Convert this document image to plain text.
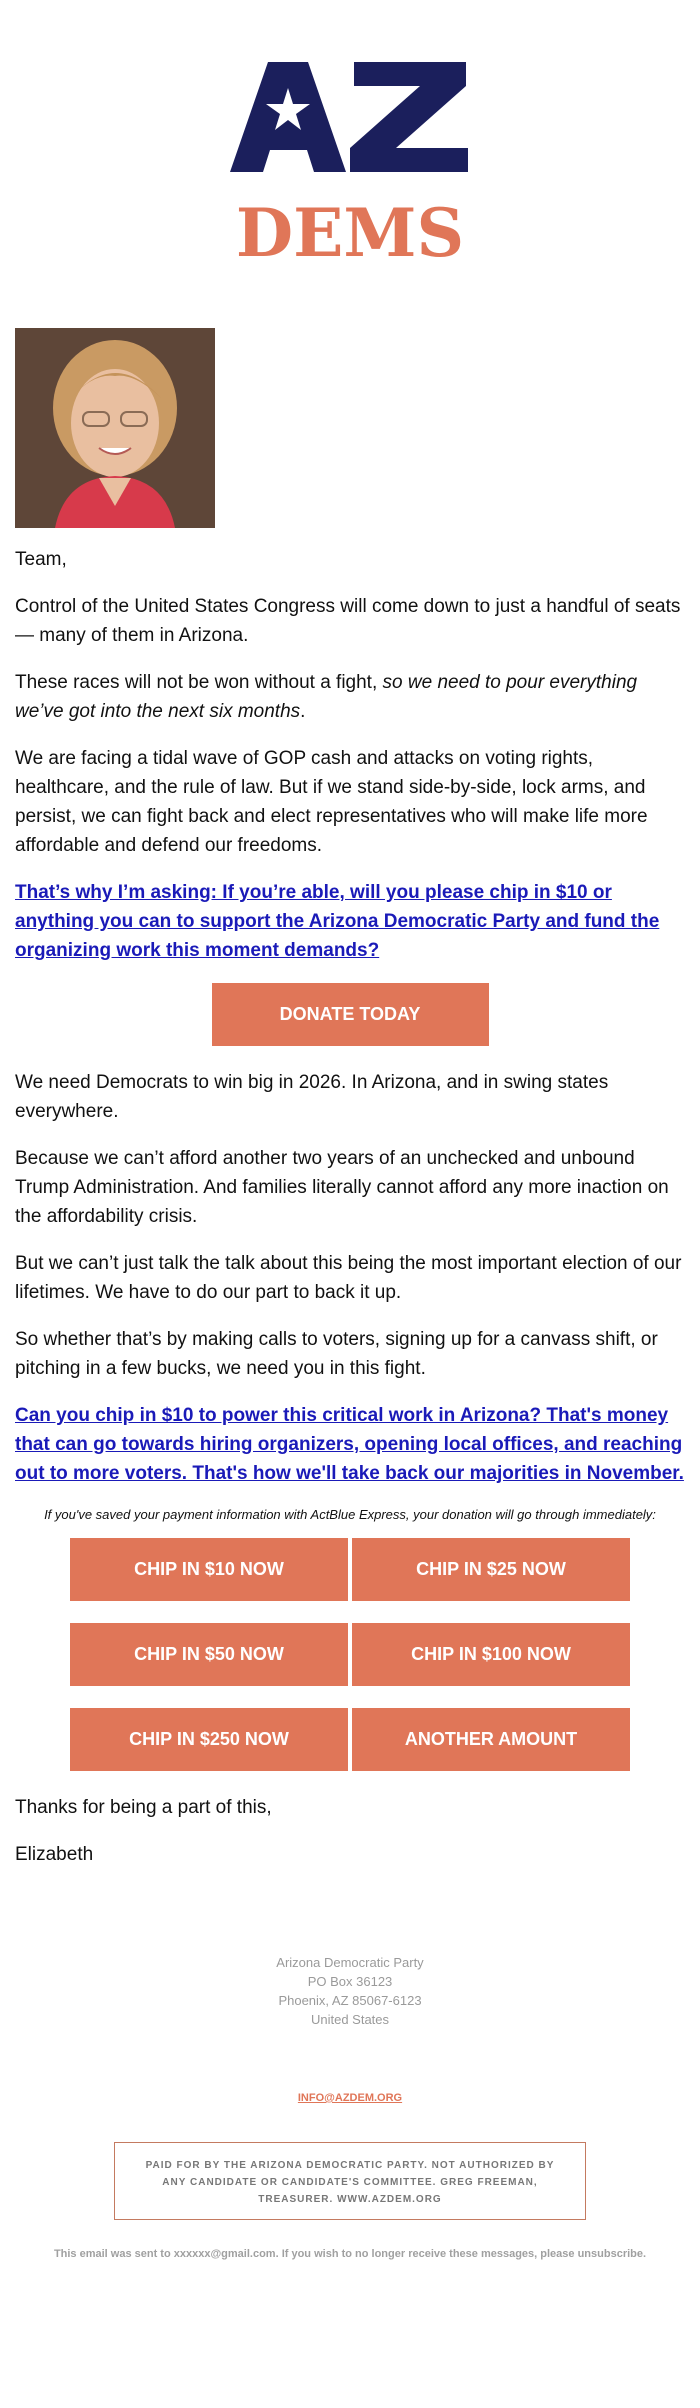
DEMS

Team,

Control of the United States Congress will come down to just a handful of seats — many of them in Arizona.

These races will not be won without a fight, so we need to pour everything we’ve got into the next six months.

We are facing a tidal wave of GOP cash and attacks on voting rights, healthcare, and the rule of law. But if we stand side-by-side, lock arms, and persist, we can fight back and elect representatives who will make life more affordable and defend our freedoms.

That’s why I’m asking: If you’re able, will you please chip in $10 or anything you can to support the Arizona Democratic Party and fund the organizing work this moment demands?

DONATE TODAY

We need Democrats to win big in 2026. In Arizona, and in swing states everywhere.

Because we can’t afford another two years of an unchecked and unbound Trump Administration. And families literally cannot afford any more inaction on the affordability crisis.

But we can’t just talk the talk about this being the most important election of our lifetimes. We have to do our part to back it up.

So whether that’s by making calls to voters, signing up for a canvass shift, or pitching in a few bucks, we need you in this fight.

Can you chip in $10 to power this critical work in Arizona? That's money that can go towards hiring organizers, opening local offices, and reaching out to more voters. That's how we'll take back our majorities in November.

If you've saved your payment information with ActBlue Express, your donation will go through immediately:
CHIP IN $10 NOW	CHIP IN $25 NOW
CHIP IN $50 NOW	CHIP IN $100 NOW
CHIP IN $250 NOW	ANOTHER AMOUNT

Thanks for being a part of this,

Elizabeth

Arizona Democratic Party
PO Box 36123
Phoenix, AZ 85067-6123
United States
INFO@AZDEM.ORG
PAID FOR BY THE ARIZONA DEMOCRATIC PARTY. NOT AUTHORIZED BY ANY CANDIDATE OR CANDIDATE'S COMMITTEE. GREG FREEMAN, TREASURER. WWW.AZDEM.ORG
This email was sent to xxxxxx@gmail.com. If you wish to no longer receive these messages, please unsubscribe.
